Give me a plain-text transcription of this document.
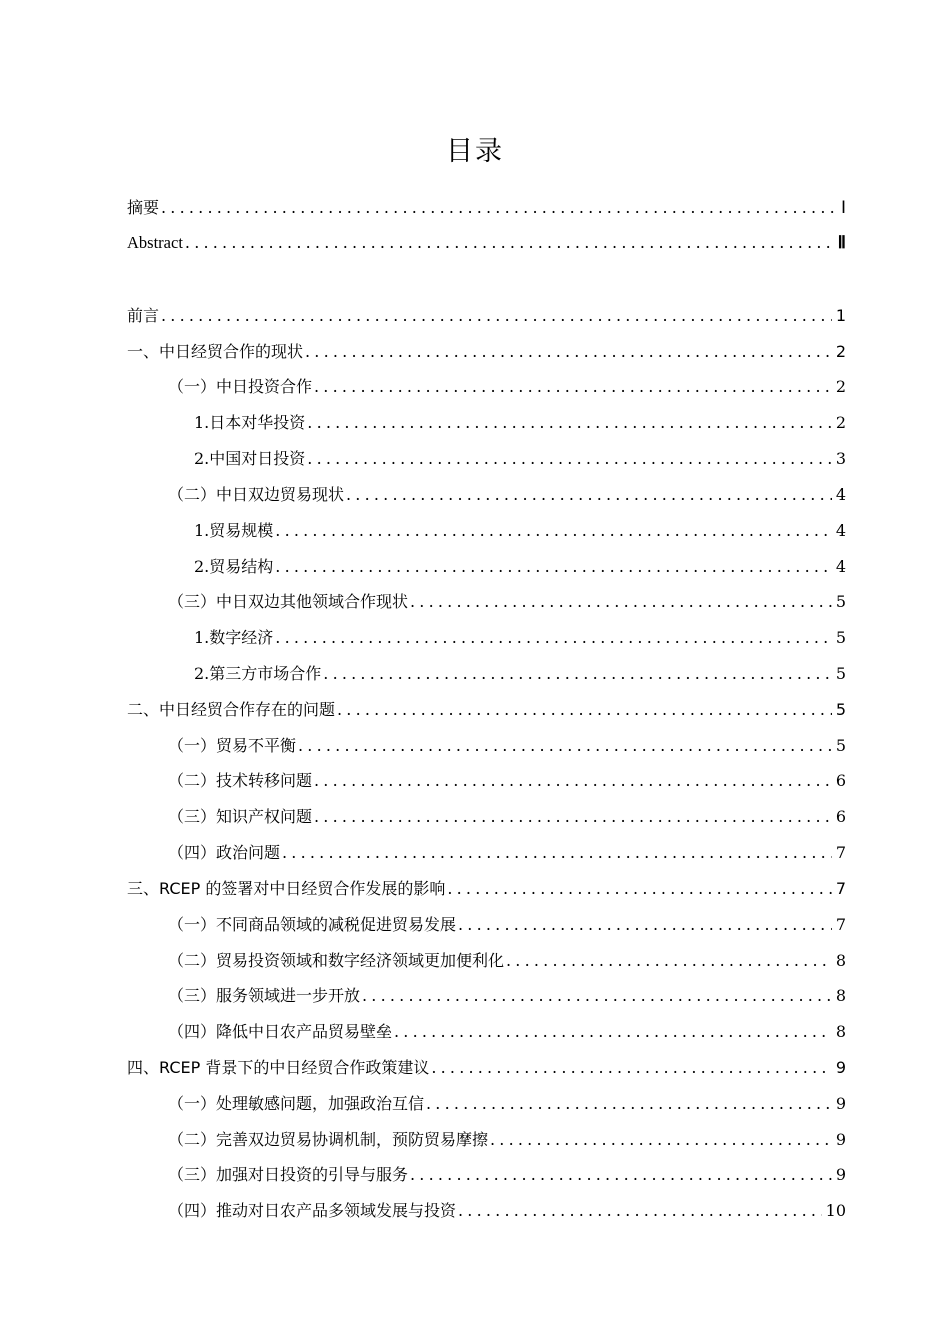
目录
摘要 .....	Ⅰ
Abstract .....	Ⅱ
前言 .....	1
一、中日经贸合作的现状 .....	2
（一）中日投资合作 .....	2
1.日本对华投资 .....	2
2.中国对日投资 .....	3
（二）中日双边贸易现状 .....	4
1.贸易规模 .....	4
2.贸易结构 .....	4
（三）中日双边其他领域合作现状 .....	5
1.数字经济 .....	5
2.第三方市场合作 .....	5
二、中日经贸合作存在的问题 .....	5
（一）贸易不平衡 .....	5
（二）技术转移问题 .....	6
（三）知识产权问题 .....	6
（四）政治问题 .....	7
三、RCEP 的签署对中日经贸合作发展的影响 .....	7
（一）不同商品领域的减税促进贸易发展 .....	7
（二）贸易投资领域和数字经济领域更加便利化 .....	8
（三）服务领域进一步开放 .....	8
（四）降低中日农产品贸易壁垒 .....	8
四、RCEP 背景下的中日经贸合作政策建议 .....	9
（一）处理敏感问题，加强政治互信 .....	9
（二）完善双边贸易协调机制，预防贸易摩擦 .....	9
（三）加强对日投资的引导与服务 .....	9
（四）推动对日农产品多领域发展与投资 .....	10
